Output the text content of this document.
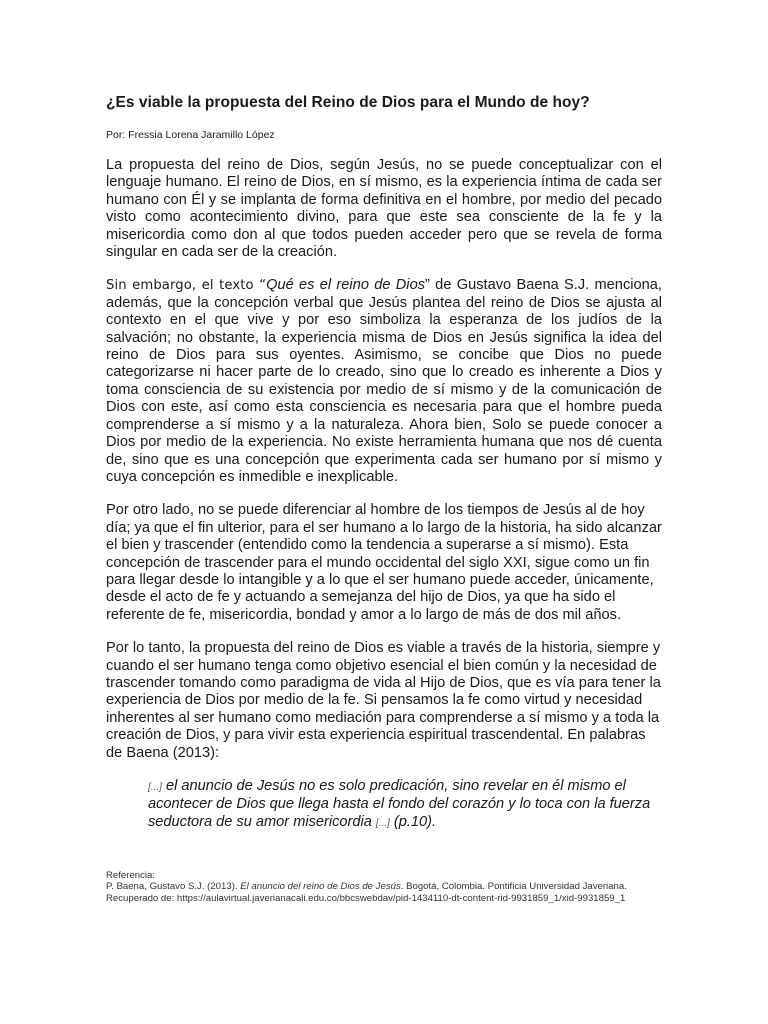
¿Es viable la propuesta del Reino de Dios para el Mundo de hoy?

Por: Fressia Lorena Jaramillo López

La propuesta del reino de Dios, según Jesús, no se puede conceptualizar con el lenguaje humano. El reino de Dios, en sí mismo, es la experiencia íntima de cada ser humano con Él y se implanta de forma definitiva en el hombre, por medio del pecado visto como acontecimiento divino, para que este sea consciente de la fe y la misericordia como don al que todos pueden acceder pero que se revela de forma singular en cada ser de la creación.

Sin embargo, el texto “Qué es el reino de Dios” de Gustavo Baena S.J. menciona, además, que la concepción verbal que Jesús plantea del reino de Dios se ajusta al contexto en el que vive y por eso simboliza la esperanza de los judíos de la salvación; no obstante, la experiencia misma de Dios en Jesús significa la idea del reino de Dios para sus oyentes. Asimismo, se concibe que Dios no puede categorizarse ni hacer parte de lo creado, sino que lo creado es inherente a Dios y toma consciencia de su existencia por medio de sí mismo y de la comunicación de Dios con este, así como esta consciencia es necesaria para que el hombre pueda comprenderse a sí mismo y a la naturaleza. Ahora bien, Solo se puede conocer a Dios por medio de la experiencia. No existe herramienta humana que nos dé cuenta de, sino que es una concepción que experimenta cada ser humano por sí mismo y cuya concepción es inmedible e inexplicable.

Por otro lado, no se puede diferenciar al hombre de los tiempos de Jesús al de hoy día; ya que el fin ulterior, para el ser humano a lo largo de la historia, ha sido alcanzar el bien y trascender (entendido como la tendencia a superarse a sí mismo). Esta concepción de trascender para el mundo occidental del siglo XXI, sigue como un fin para llegar desde lo intangible y a lo que el ser humano puede acceder, únicamente, desde el acto de fe y actuando a semejanza del hijo de Dios, ya que ha sido el referente de fe, misericordia, bondad y amor a lo largo de más de dos mil años.

Por lo tanto, la propuesta del reino de Dios es viable a través de la historia, siempre y cuando el ser humano tenga como objetivo esencial el bien común y la necesidad de trascender tomando como paradigma de vida al Hijo de Dios, que es vía para tener la experiencia de Dios por medio de la fe. Si pensamos la fe como virtud y necesidad inherentes al ser humano como mediación para comprenderse a sí mismo y a toda la creación de Dios, y para vivir esta experiencia espiritual trascendental. En palabras de Baena (2013):

[...] el anuncio de Jesús no es solo predicación, sino revelar en él mismo el acontecer de Dios que llega hasta el fondo del corazón y lo toca con la fuerza seductora de su amor misericordia [...] (p.10).

Referencia:

P. Baena, Gustavo S.J. (2013). El anuncio del reino de Dios de Jesús. Bogotá, Colombia. Pontificia Universidad Javeriana.

Recuperado de: https://aulavirtual.javerianacali.edu.co/bbcswebdav/pid-1434110-dt-content-rid-9931859_1/xid-9931859_1
